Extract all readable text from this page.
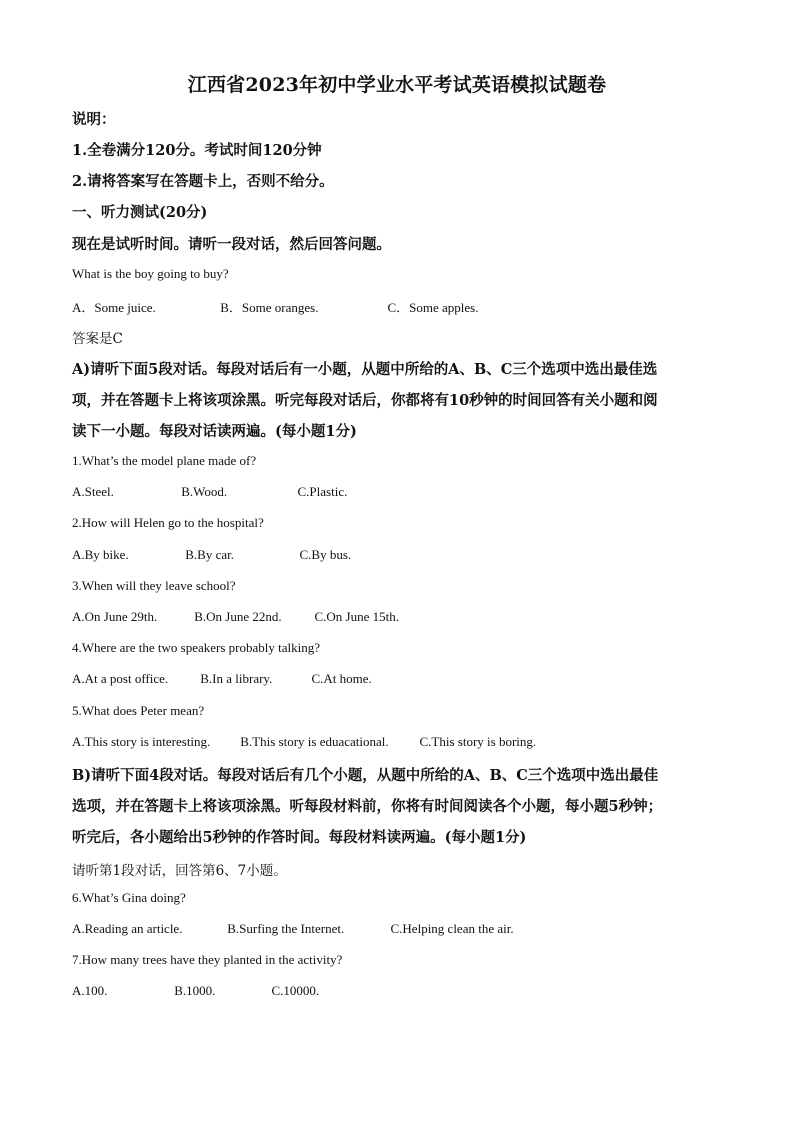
江西省2023年初中学业水平考试英语模拟试题卷
说明：
1.全卷满分120分。考试时间120分钟
2.请将答案写在答题卡上，否则不给分。
一、听力测试(20分)
现在是试听时间。请听一段对话，然后回答问题。
What is the boy going to buy?
A．Some juice.	B．Some oranges.	C．Some apples.
答案是C
A)请听下面5段对话。每段对话后有一小题，从题中所给的A、B、C三个选项中选出最佳选
项，并在答题卡上将该项涂黑。听完每段对话后，你都将有10秒钟的时间回答有关小题和阅
读下一小题。每段对话读两遍。(每小题1分)
1.What’s the model plane made of?
A.Steel.	B.Wood.	C.Plastic.
2.How will Helen go to the hospital?
A.By bike.	B.By car.	C.By bus.
3.When will they leave school?
A.On June 29th.	B.On June 22nd.	C.On June 15th.
4.Where are the two speakers probably talking?
A.At a post office. B.In a library.	C.At home.
5.What does Peter mean?
A.This story is interesting. B.This story is eduacational. C.This story is boring.
B)请听下面4段对话。每段对话后有几个小题，从题中所给的A、B、C三个选项中选出最佳
选项，并在答题卡上将该项涂黑。听每段材料前，你将有时间阅读各个小题，每小题5秒钟；
听完后，各小题给出5秒钟的作答时间。每段材料读两遍。(每小题1分)
请听第1段对话，回答第6、7小题。
6.What’s Gina doing?
A.Reading an article.	B.Surfing the Internet.	C.Helping clean the air.
7.How many trees have they planted in the activity?
A.100.	B.1000.	C.10000.
